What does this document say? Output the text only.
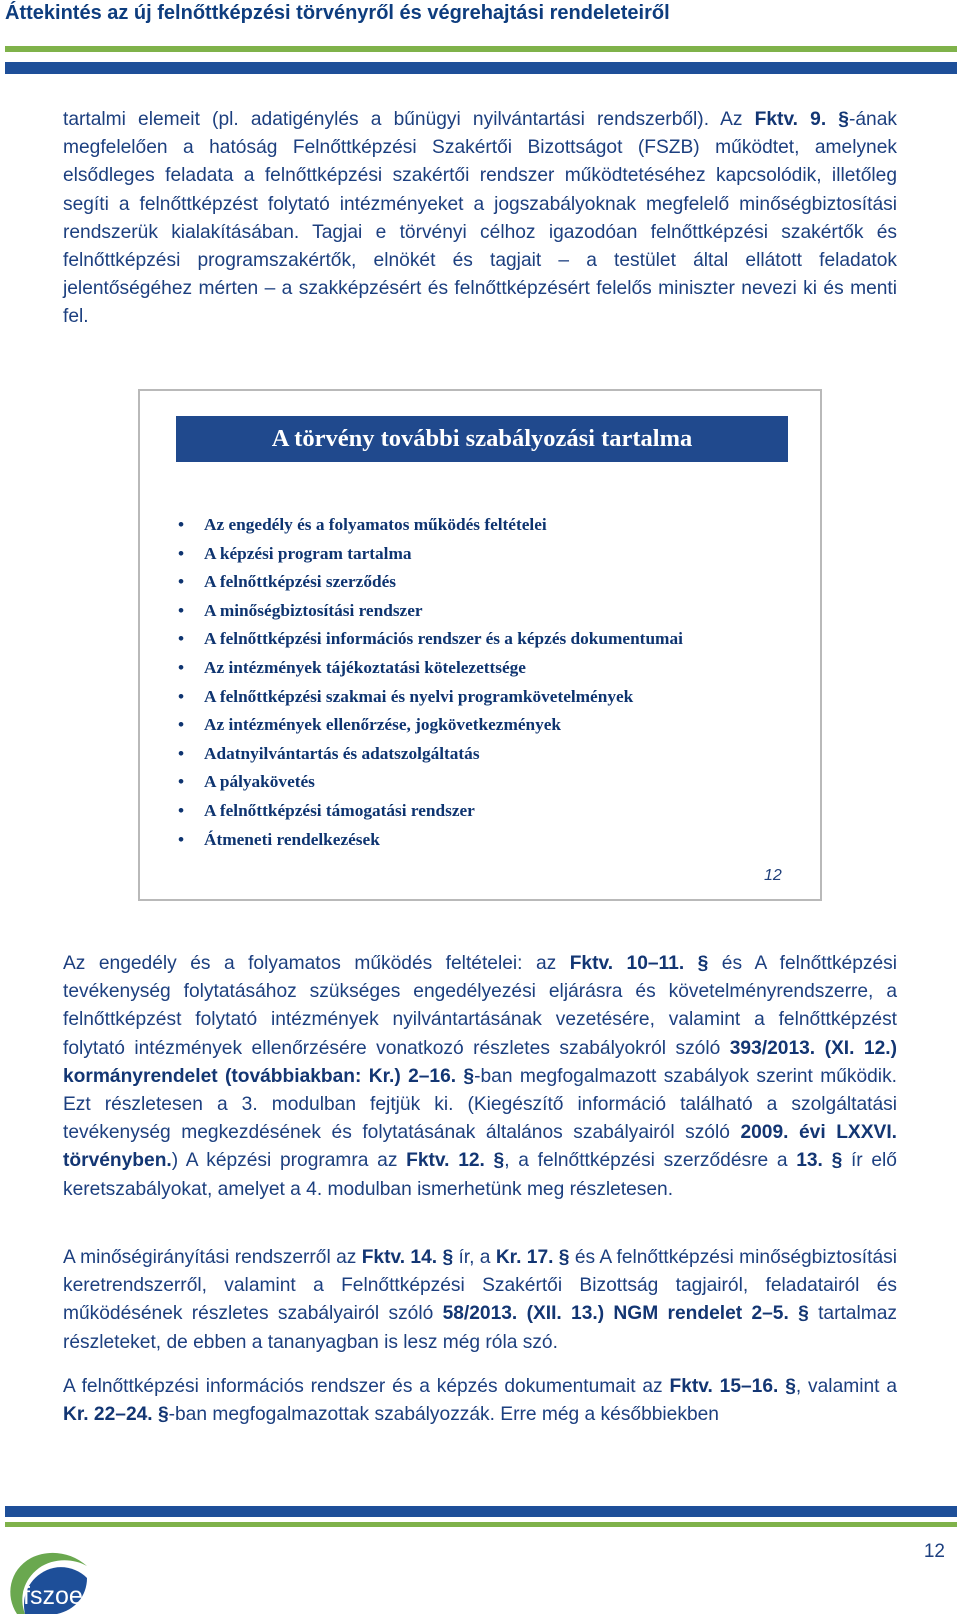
Áttekintés az új felnőttképzési törvényről és végrehajtási rendeleteiről

tartalmi elemeit (pl. adatigénylés a bűnügyi nyilvántartási rendszerből). Az Fktv. 9. §-ának megfelelően a hatóság Felnőttképzési Szakértői Bizottságot (FSZB) működtet, amelynek elsődleges feladata a felnőttképzési szakértői rendszer működtetéséhez kapcsolódik, illetőleg segíti a felnőttképzést folytató intézményeket a jogszabályoknak megfelelő minőségbiztosítási rendszerük kialakításában. Tagjai e törvényi célhoz igazodóan felnőttképzési szakértők és felnőttképzési programszakértők, elnökét és tagjait – a testület által ellátott feladatok jelentőségéhez mérten – a szakképzésért és felnőttképzésért felelős miniszter nevezi ki és menti fel.

A törvény további szabályozási tartalma
• Az engedély és a folyamatos működés feltételei
• A képzési program tartalma
• A felnőttképzési szerződés
• A minőségbiztosítási rendszer
• A felnőttképzési információs rendszer és a képzés dokumentumai
• Az intézmények tájékoztatási kötelezettsége
• A felnőttképzési szakmai és nyelvi programkövetelmények
• Az intézmények ellenőrzése, jogkövetkezmények
• Adatnyilvántartás és adatszolgáltatás
• A pályakövetés
• A felnőttképzési támogatási rendszer
• Átmeneti rendelkezések
12

Az engedély és a folyamatos működés feltételei: az Fktv. 10–11. § és A felnőttképzési tevékenység folytatásához szükséges engedélyezési eljárásra és követelményrendszerre, a felnőttképzést folytató intézmények nyilvántartásának vezetésére, valamint a felnőttképzést folytató intézmények ellenőrzésére vonatkozó részletes szabályokról szóló 393/2013. (XI. 12.) kormányrendelet (továbbiakban: Kr.) 2–16. §-ban megfogalmazott szabályok szerint működik. Ezt részletesen a 3. modulban fejtjük ki. (Kiegészítő információ található a szolgáltatási tevékenység megkezdésének és folytatásának általános szabályairól szóló 2009. évi LXXVI. törvényben.) A képzési programra az Fktv. 12. §, a felnőttképzési szerződésre a 13. § ír elő keretszabályokat, amelyet a 4. modulban ismerhetünk meg részletesen.

A minőségirányítási rendszerről az Fktv. 14. § ír, a Kr. 17. § és A felnőttképzési minőségbiztosítási keretrendszerről, valamint a Felnőttképzési Szakértői Bizottság tagjairól, feladatairól és működésének részletes szabályairól szóló 58/2013. (XII. 13.) NGM rendelet 2–5. § tartalmaz részleteket, de ebben a tananyagban is lesz még róla szó.

A felnőttképzési információs rendszer és a képzés dokumentumait az Fktv. 15–16. §, valamint a Kr. 22–24. §-ban megfogalmazottak szabályozzák. Erre még a későbbiekben

fszoe
12
